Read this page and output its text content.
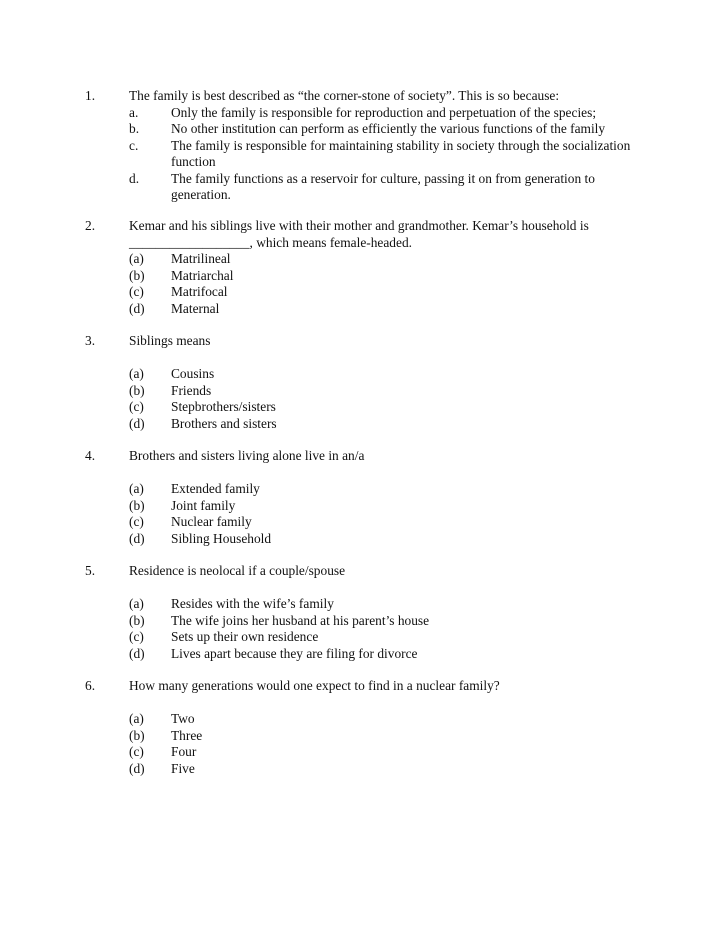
1.	The family is best described as “the corner-stone of society”. This is so because:
a.	Only the family is responsible for reproduction and perpetuation of the species;
b.	No other institution can perform as efficiently the various functions of the family
c.	The family is responsible for maintaining stability in society through the socialization function
d.	The family functions as a reservoir for culture, passing it on from generation to generation.
2.	Kemar and his siblings live with their mother and grandmother. Kemar’s household is __________________, which means female-headed.
(a)	Matrilineal
(b)	Matriarchal
(c)	Matrifocal
(d)	Maternal
3.	Siblings means
(a)	Cousins
(b)	Friends
(c)	Stepbrothers/sisters
(d)	Brothers and sisters
4.	Brothers and sisters living alone live in an/a
(a)	Extended family
(b)	Joint family
(c)	Nuclear family
(d)	Sibling Household
5.	Residence is neolocal if a couple/spouse
(a)	Resides with the wife’s family
(b)	The wife joins her husband at his parent’s house
(c)	Sets up their own residence
(d)	Lives apart because they are filing for divorce
6.	How many generations would one expect to find in a nuclear family?
(a)	Two
(b)	Three
(c)	Four
(d)	Five
